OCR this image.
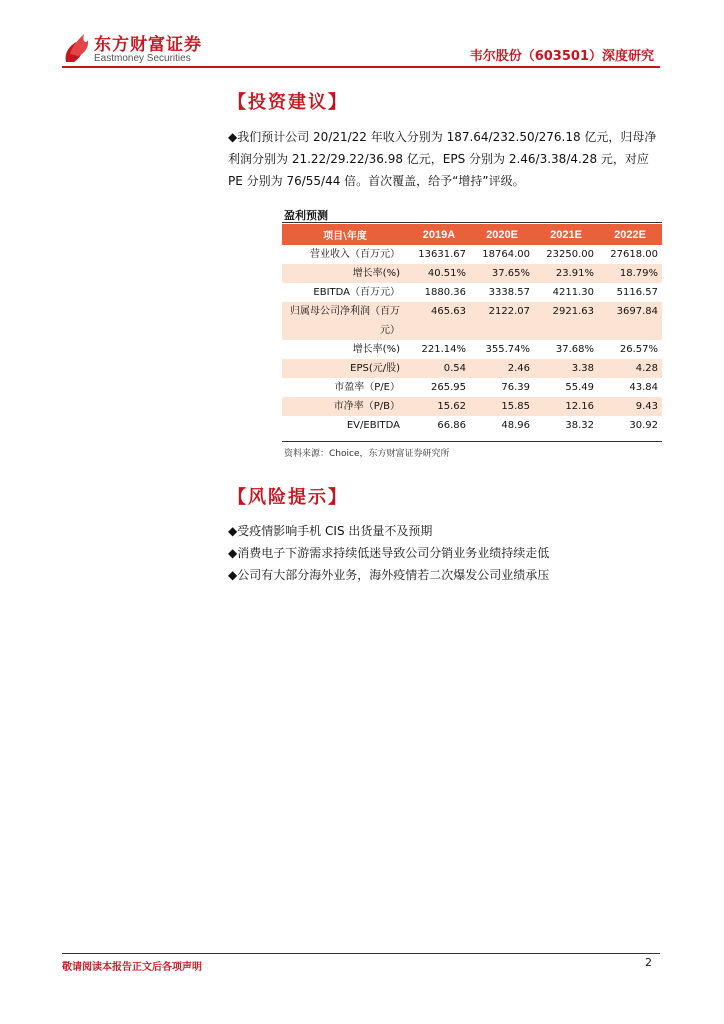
东方财富证券
Eastmoney Securities	韦尔股份（603501）深度研究
【投资建议】

◆我们预计公司 20/21/22 年收入分别为 187.64/232.50/276.18 亿元，归母净利润分别为 21.22/29.22/36.98 亿元，EPS 分别为 2.46/3.38/4.28 元，对应 PE 分别为 76/55/44 倍。首次覆盖，给予“增持”评级。

盈利预测
项目\年度	2019A	2020E	2021E	2022E
营业收入（百万元）	13631.67	18764.00	23250.00	27618.00
增长率(%)	40.51%	37.65%	23.91%	18.79%
EBITDA（百万元）	1880.36	3338.57	4211.30	5116.57
归属母公司净利润（百万元）	465.63	2122.07	2921.63	3697.84
增长率(%)	221.14%	355.74%	37.68%	26.57%
EPS(元/股)	0.54	2.46	3.38	4.28
市盈率（P/E）	265.95	76.39	55.49	43.84
市净率（P/B）	15.62	15.85	12.16	9.43
EV/EBITDA	66.86	48.96	38.32	30.92
资料来源：Choice，东方财富证券研究所
【风险提示】

◆受疫情影响手机 CIS 出货量不及预期

◆消费电子下游需求持续低迷导致公司分销业务业绩持续走低

◆公司有大部分海外业务，海外疫情若二次爆发公司业绩承压

敬请阅读本报告正文后各项声明	2
